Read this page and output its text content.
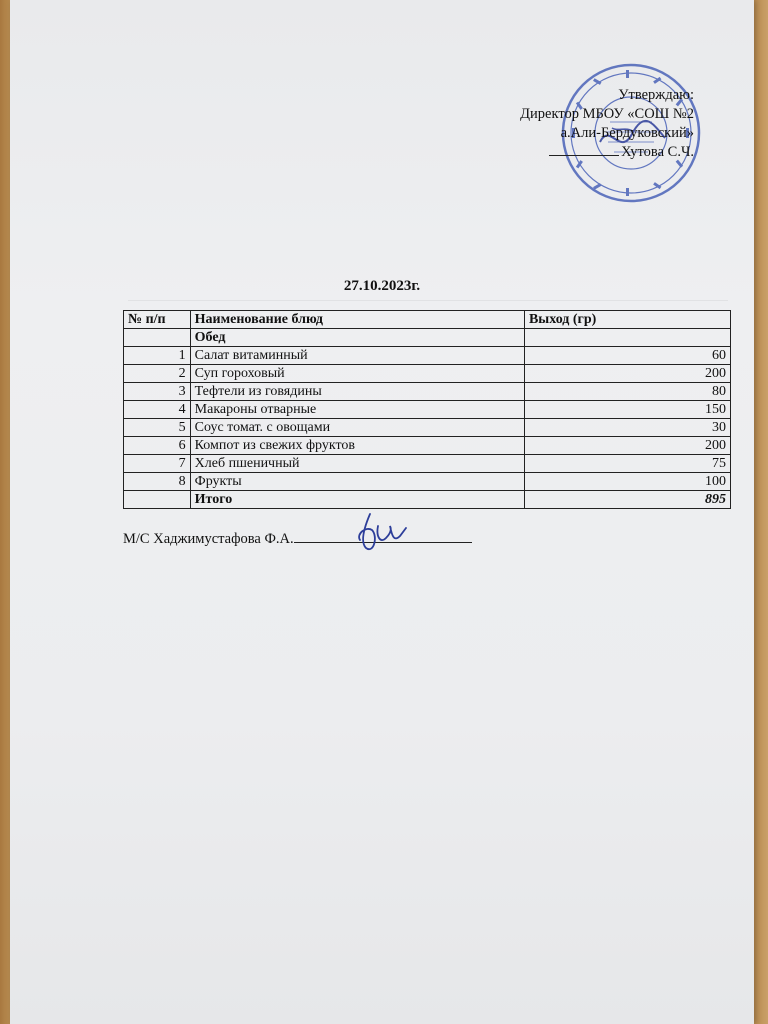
Утверждаю:
Директор МБОУ «СОШ №2
а.Али-Бердуковский»
Хутова С.Ч.
27.10.2023г.
№ п/п	Наименование блюд	Выход (гр)
	Обед	
1	Салат витаминный	60
2	Суп гороховый	200
3	Тефтели из говядины	80
4	Макароны отварные	150
5	Соус томат. с овощами	30
6	Компот из свежих фруктов	200
7	Хлеб пшеничный	75
8	Фрукты	100
	Итого	895
М/С Хаджимустафова Ф.А.
